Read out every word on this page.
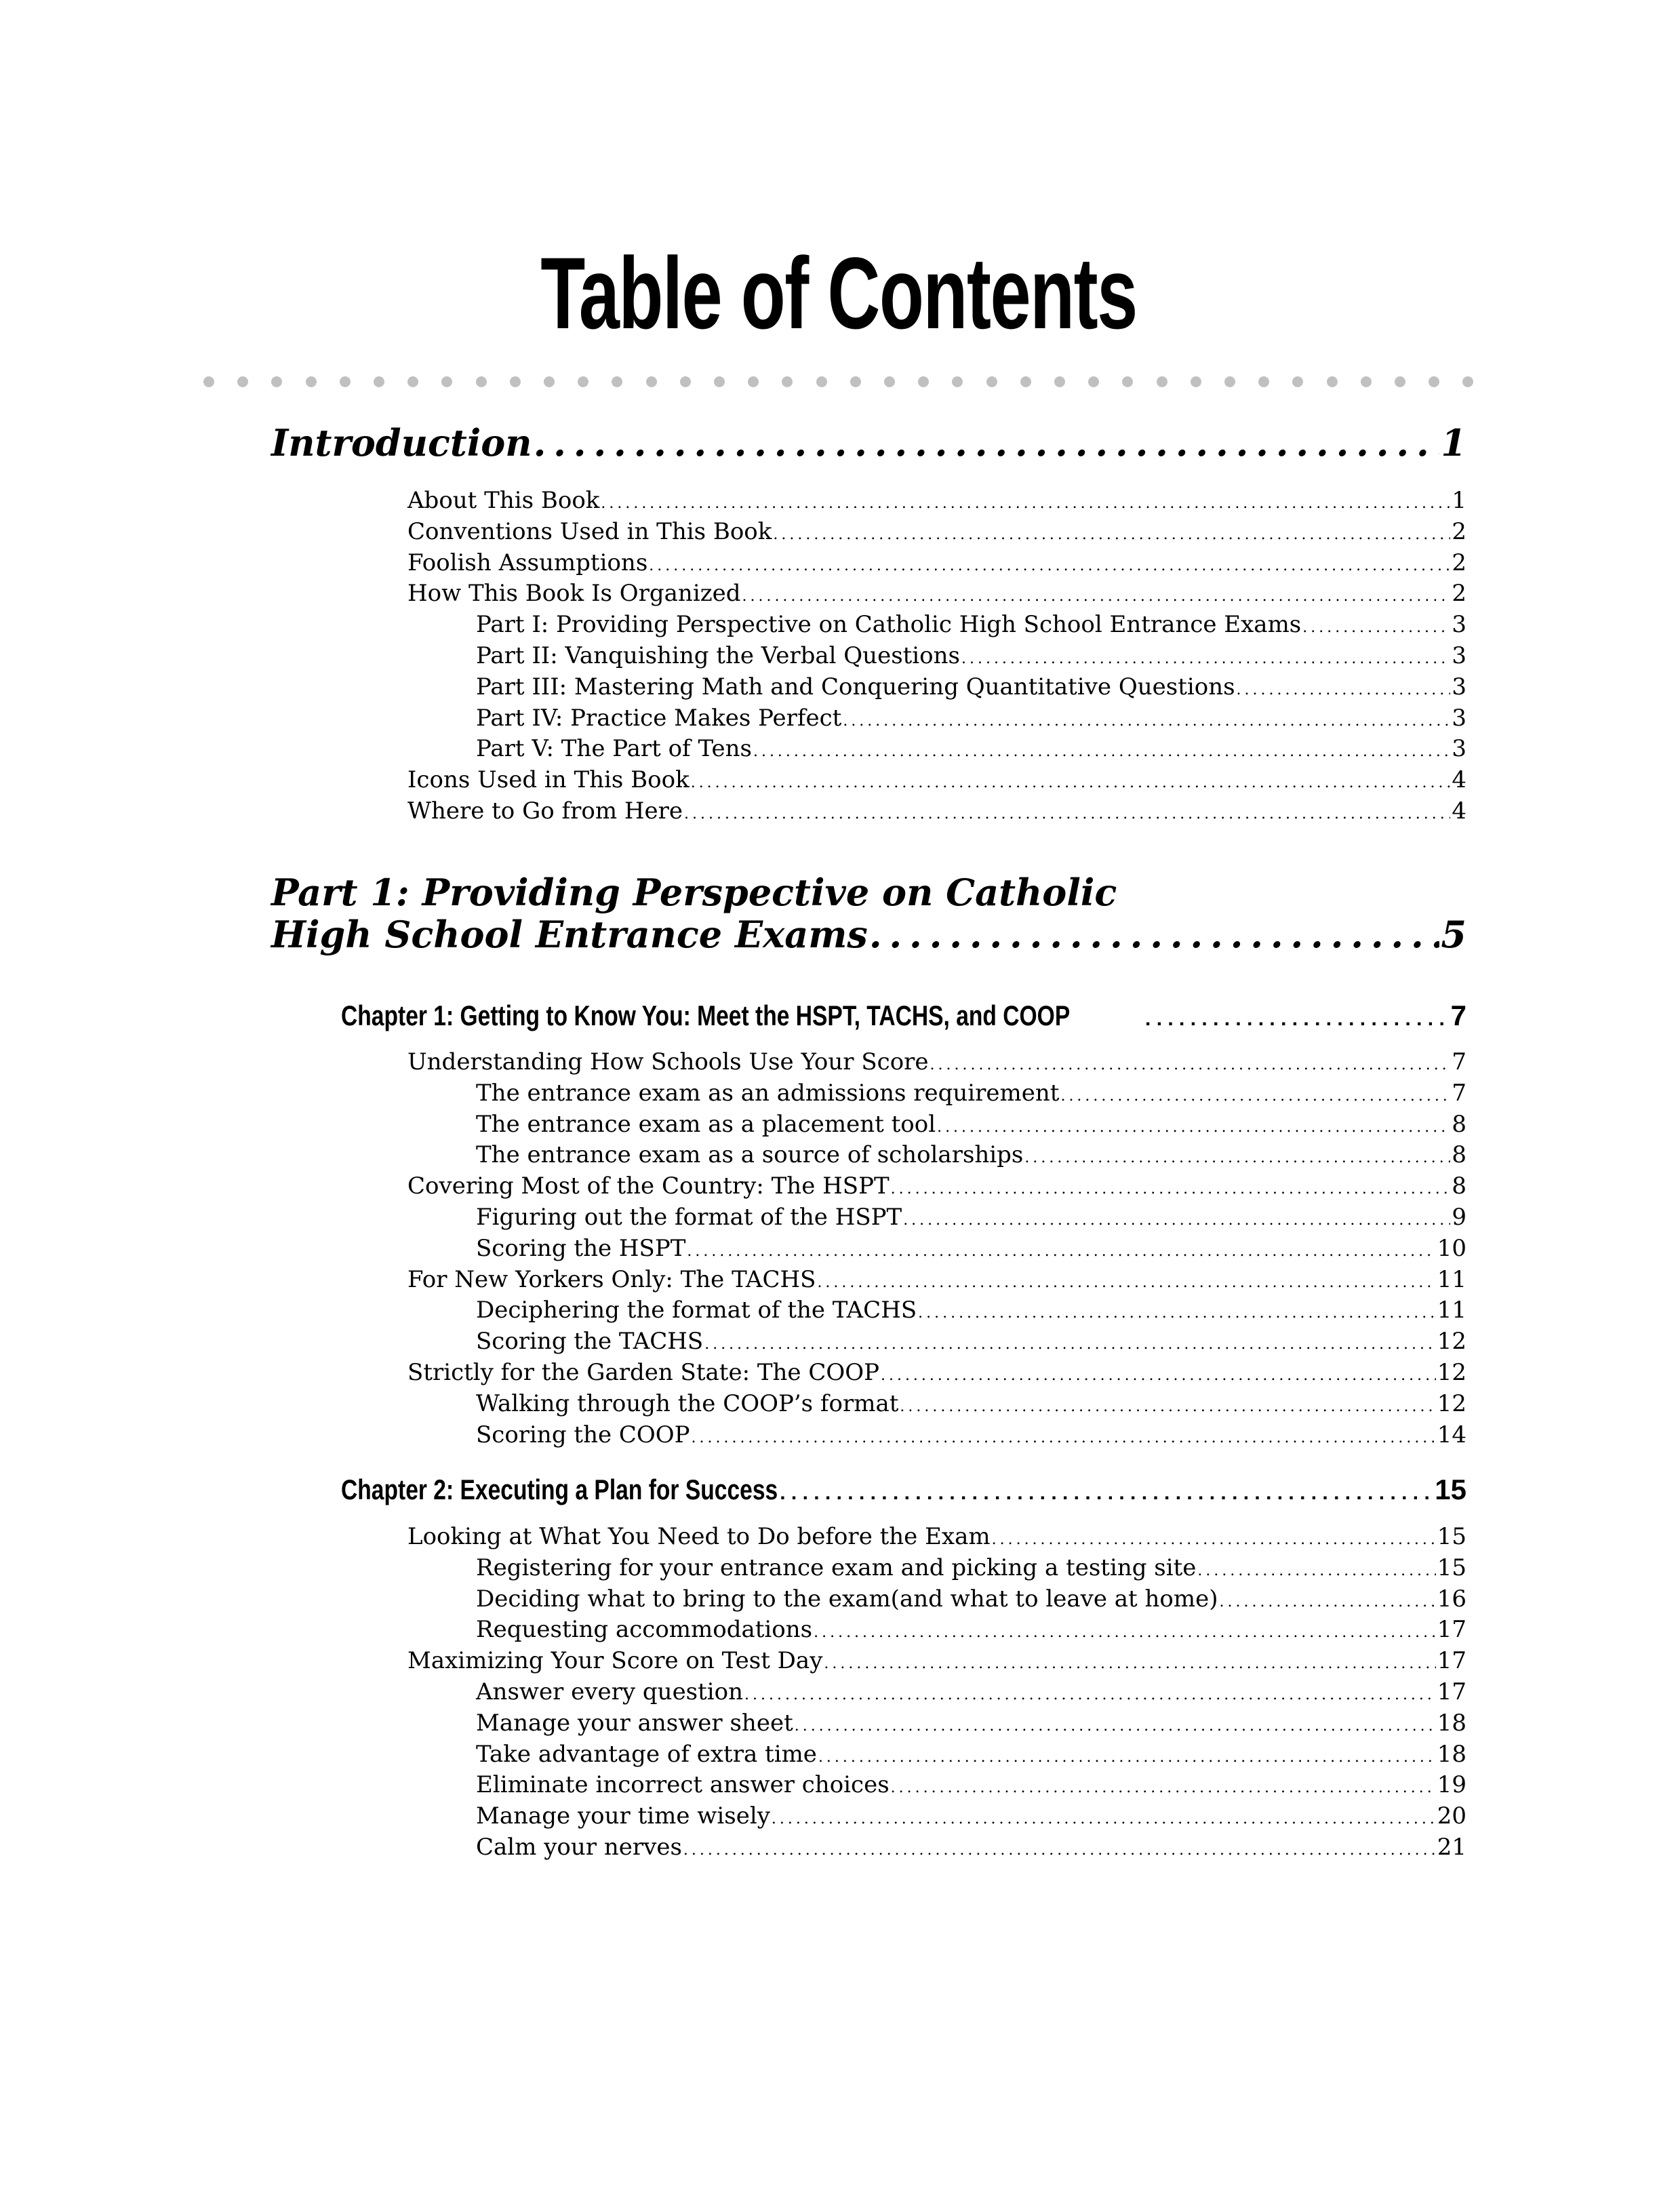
Table of Contents
Introduction . . .	1
About This Book . . .	1
Conventions Used in This Book . . .	2
Foolish Assumptions . . .	2
How This Book Is Organized . . .	2
Part I: Providing Perspective on Catholic High School Entrance Exams . . .	3
Part II: Vanquishing the Verbal Questions . . .	3
Part III: Mastering Math and Conquering Quantitative Questions . . .	3
Part IV: Practice Makes Perfect . . .	3
Part V: The Part of Tens . . .	3
Icons Used in This Book . . .	4
Where to Go from Here . . .	4
Part 1: Providing Perspective on Catholic
High School Entrance Exams . . .	5
Chapter 1: Getting to Know You: Meet the HSPT, TACHS, and COOP . . .	7
Understanding How Schools Use Your Score . . .	7
The entrance exam as an admissions requirement . . .	7
The entrance exam as a placement tool . . .	8
The entrance exam as a source of scholarships . . .	8
Covering Most of the Country: The HSPT . . .	8
Figuring out the format of the HSPT . . .	9
Scoring the HSPT . . .	10
For New Yorkers Only: The TACHS . . .	11
Deciphering the format of the TACHS . . .	11
Scoring the TACHS . . .	12
Strictly for the Garden State: The COOP . . .	12
Walking through the COOP’s format . . .	12
Scoring the COOP . . .	14
Chapter 2: Executing a Plan for Success . . .	15
Looking at What You Need to Do before the Exam . . .	15
Registering for your entrance exam and picking a testing site . . .	15
Deciding what to bring to the exam(and what to leave at home) . . .	16
Requesting accommodations . . .	17
Maximizing Your Score on Test Day . . .	17
Answer every question . . .	17
Manage your answer sheet . . .	18
Take advantage of extra time . . .	18
Eliminate incorrect answer choices . . .	19
Manage your time wisely . . .	20
Calm your nerves . . .	21
